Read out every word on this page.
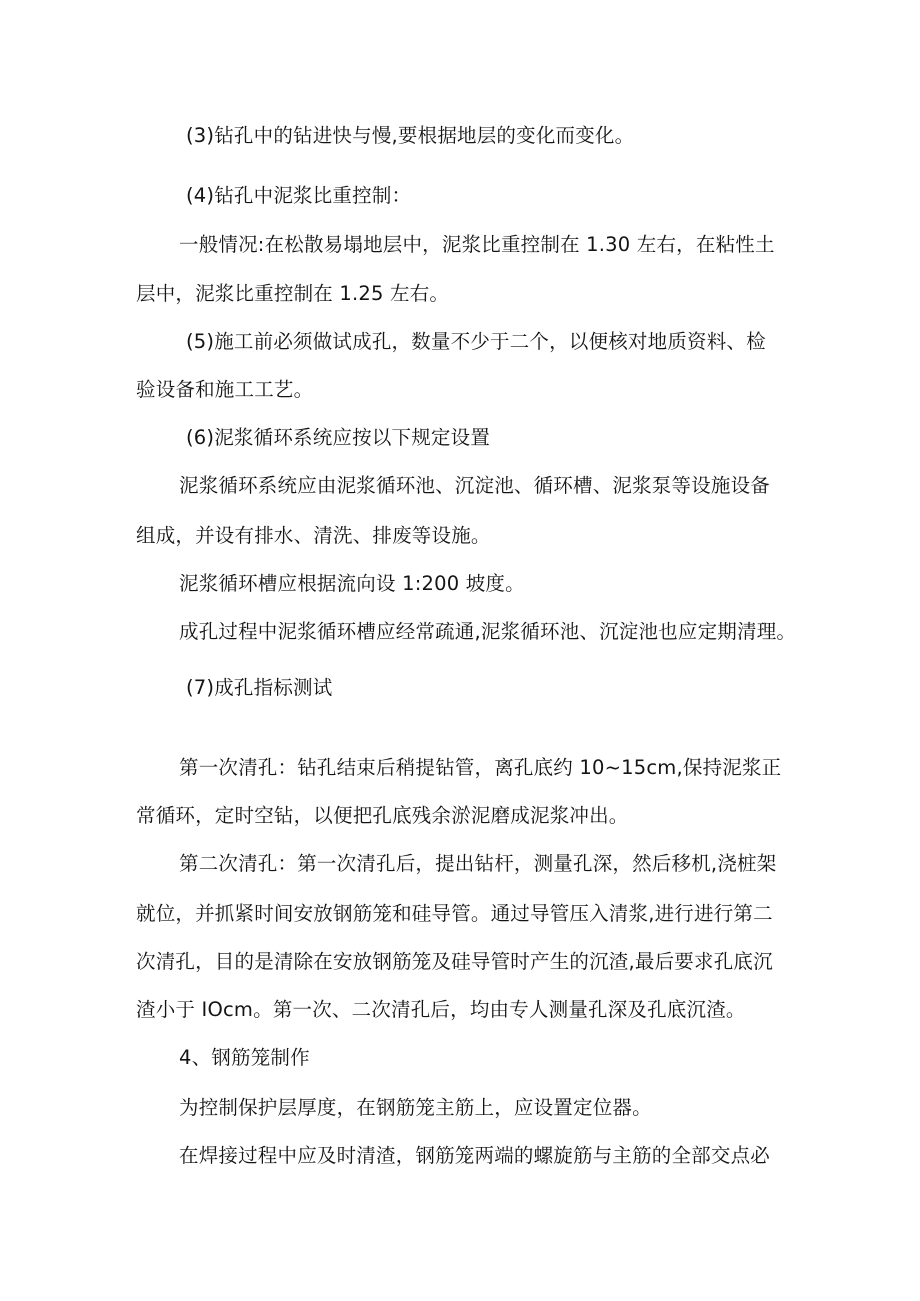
(3)钻孔中的钻进快与慢,要根据地层的变化而变化。
(4)钻孔中泥浆比重控制：
一般情况:在松散易塌地层中，泥浆比重控制在 1.30 左右，在粘性土
层中，泥浆比重控制在 1.25 左右。
(5)施工前必须做试成孔，数量不少于二个，以便核对地质资料、检
验设备和施工工艺。
(6)泥浆循环系统应按以下规定设置
泥浆循环系统应由泥浆循环池、沉淀池、循环槽、泥浆泵等设施设备
组成，并设有排水、清洗、排废等设施。
泥浆循环槽应根据流向设 1:200 坡度。
成孔过程中泥浆循环槽应经常疏通,泥浆循环池、沉淀池也应定期清理。
(7)成孔指标测试
第一次清孔：钻孔结束后稍提钻管，离孔底约 10~15cm,保持泥浆正
常循环，定时空钻，以便把孔底残余淤泥磨成泥浆冲出。
第二次清孔：第一次清孔后，提出钻杆，测量孔深，然后移机,浇桩架
就位，并抓紧时间安放钢筋笼和硅导管。通过导管压入清浆,进行进行第二
次清孔，目的是清除在安放钢筋笼及硅导管时产生的沉渣,最后要求孔底沉
渣小于 IOcm。第一次、二次清孔后，均由专人测量孔深及孔底沉渣。
4、钢筋笼制作
为控制保护层厚度，在钢筋笼主筋上，应设置定位器。
在焊接过程中应及时清渣，钢筋笼两端的螺旋筋与主筋的全部交点必
